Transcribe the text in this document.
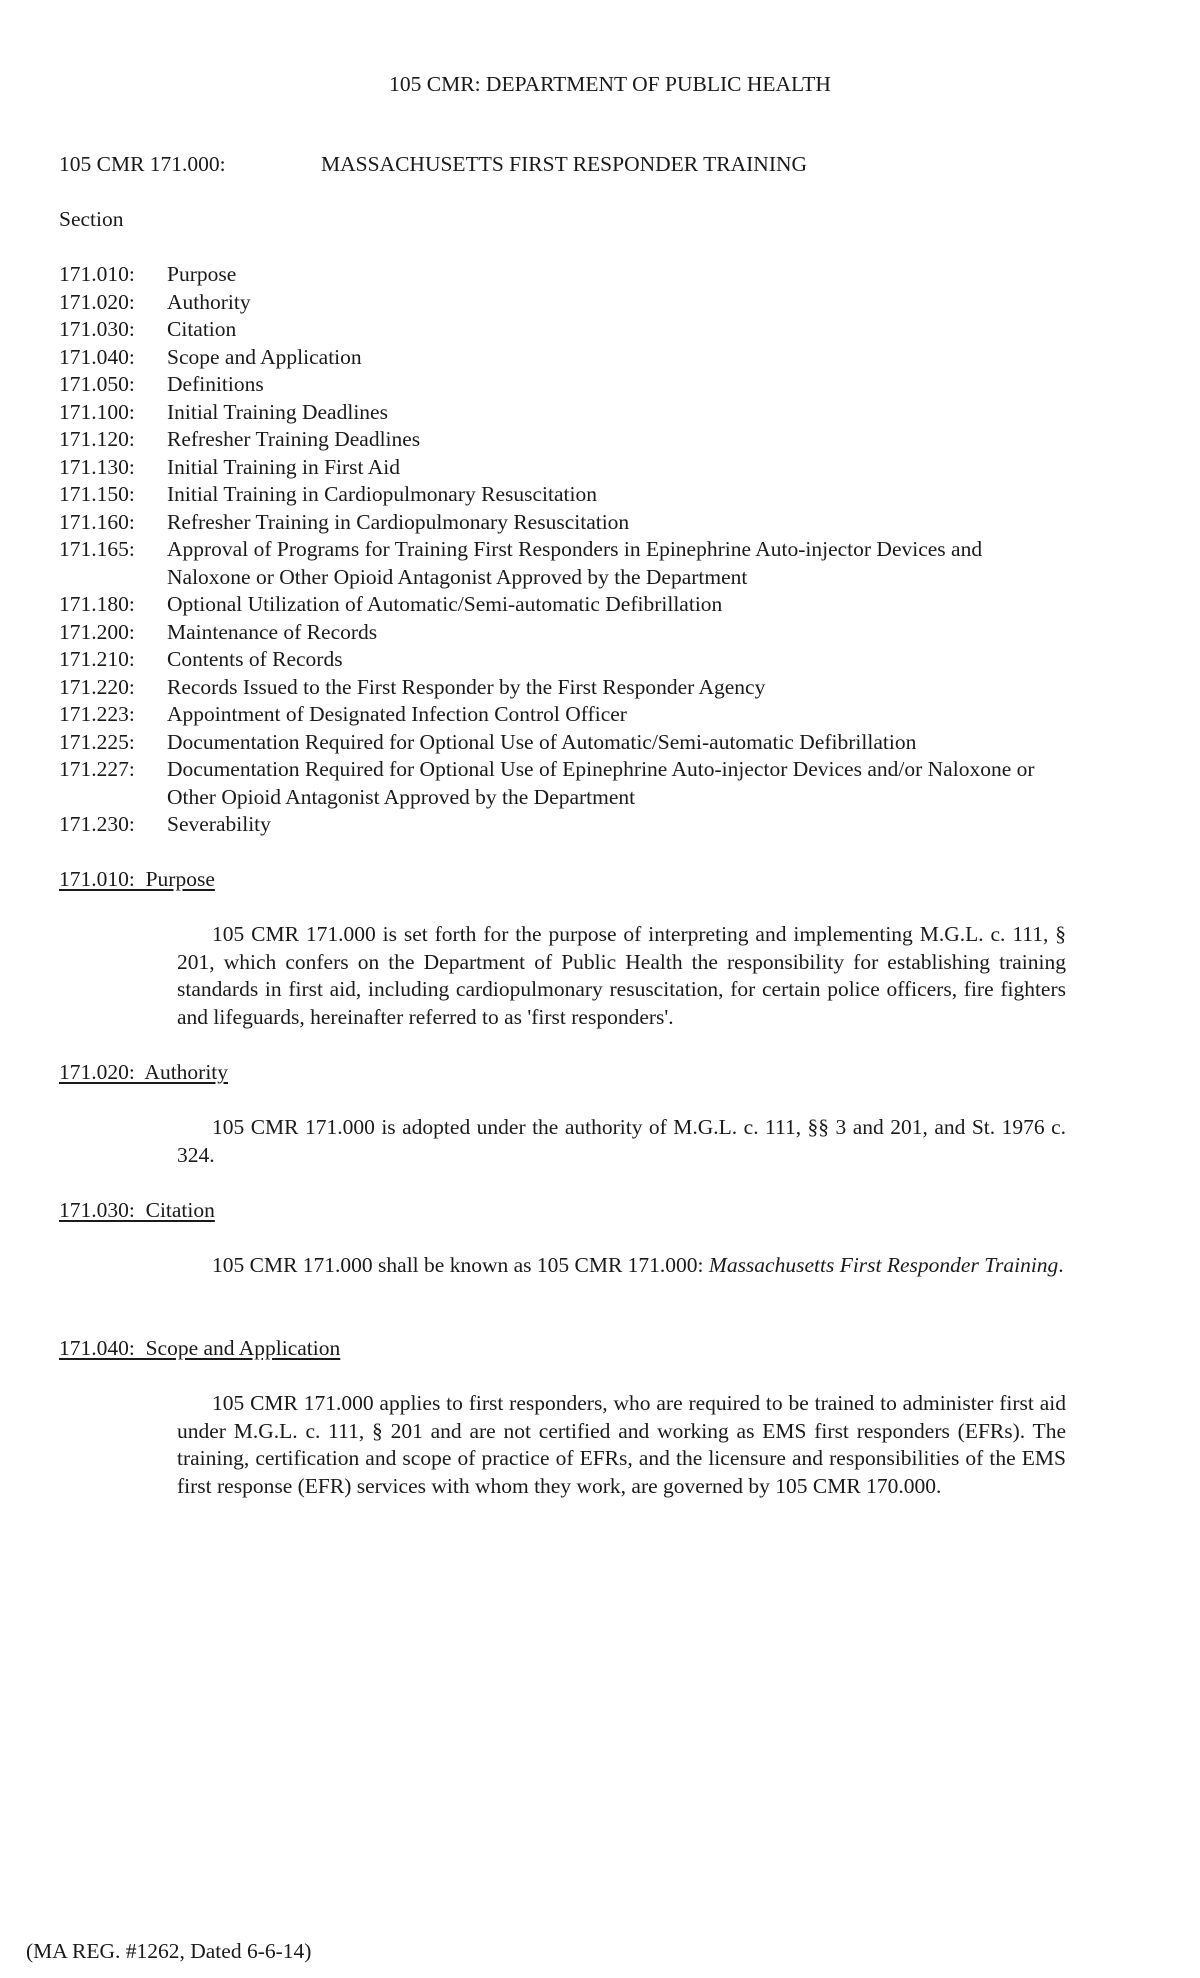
105 CMR: DEPARTMENT OF PUBLIC HEALTH
105 CMR 171.000:	MASSACHUSETTS FIRST RESPONDER TRAINING
Section
171.010:	Purpose
171.020:	Authority
171.030:	Citation
171.040:	Scope and Application
171.050:	Definitions
171.100:	Initial Training Deadlines
171.120:	Refresher Training Deadlines
171.130:	Initial Training in First Aid
171.150:	Initial Training in Cardiopulmonary Resuscitation
171.160:	Refresher Training in Cardiopulmonary Resuscitation
171.165:	Approval of Programs for Training First Responders in Epinephrine Auto-injector Devices and Naloxone or Other Opioid Antagonist Approved by the Department
171.180:	Optional Utilization of Automatic/Semi-automatic Defibrillation
171.200:	Maintenance of Records
171.210:	Contents of Records
171.220:	Records Issued to the First Responder by the First Responder Agency
171.223:	Appointment of Designated Infection Control Officer
171.225:	Documentation Required for Optional Use of Automatic/Semi-automatic Defibrillation
171.227:	Documentation Required for Optional Use of Epinephrine Auto-injector Devices and/or Naloxone or Other Opioid Antagonist Approved by the Department
171.230:	Severability
171.010:  Purpose
105 CMR 171.000 is set forth for the purpose of interpreting and implementing M.G.L. c. 111, § 201, which confers on the Department of Public Health the responsibility for establishing training standards in first aid, including cardiopulmonary resuscitation, for certain police officers, fire fighters and lifeguards, hereinafter referred to as 'first responders'.
171.020:  Authority
105 CMR 171.000 is adopted under the authority of M.G.L. c. 111, §§ 3 and 201, and St. 1976 c. 324.
171.030:  Citation
105 CMR 171.000 shall be known as 105 CMR 171.000: Massachusetts First Responder Training.
171.040:  Scope and Application
105 CMR 171.000 applies to first responders, who are required to be trained to administer first aid under M.G.L. c. 111, § 201 and are not certified and working as EMS first responders (EFRs). The training, certification and scope of practice of EFRs, and the licensure and responsibilities of the EMS first response (EFR) services with whom they work, are governed by 105 CMR 170.000.
(MA REG. #1262, Dated 6-6-14)
